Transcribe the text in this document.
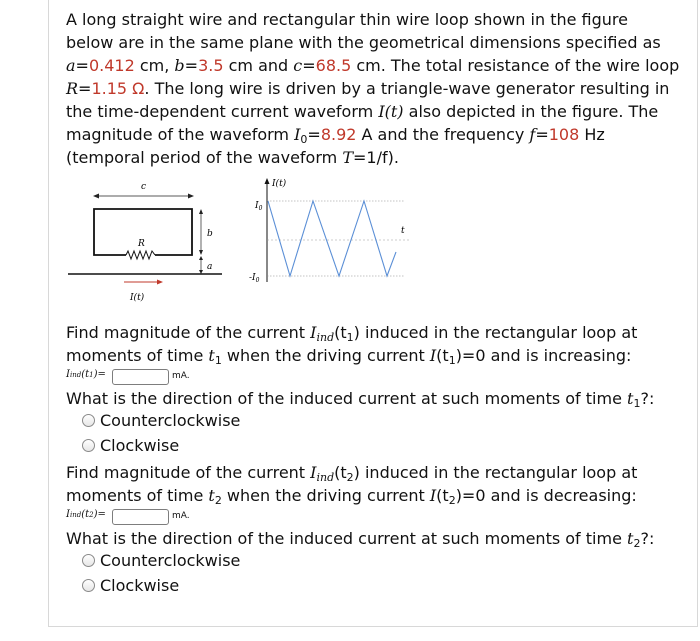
A long straight wire and rectangular thin wire loop shown in the figure
below are in the same plane with the geometrical dimensions specified as
a=0.412 cm, b=3.5 cm and c=68.5 cm. The total resistance of the wire loop
R=1.15 Ω. The long wire is driven by a triangle-wave generator resulting in
the time-dependent current waveform I(t) also depicted in the figure. The
magnitude of the waveform $I_0=8.92$ A and the frequency f=108 Hz
(temporal period of the waveform T=1/f).
c
R
b
a
I(t)
I(t)
t
$I_0$
$-I_0$
Find magnitude of the current $I_{ind}(t_1)$ induced in the rectangular loop at
moments of time $t_1$ when the driving current $I(t_1)=0$ and is increasing:
Iind(t1)=	mA.
What is the direction of the induced current at such moments of time $t_1$?:
Counterclockwise
Clockwise
Find magnitude of the current $I_{ind}(t_2)$ induced in the rectangular loop at
moments of time $t_2$ when the driving current $I(t_2)=0$ and is decreasing:
Iind(t2)=	mA.
What is the direction of the induced current at such moments of time $t_2$?:
Counterclockwise
Clockwise
